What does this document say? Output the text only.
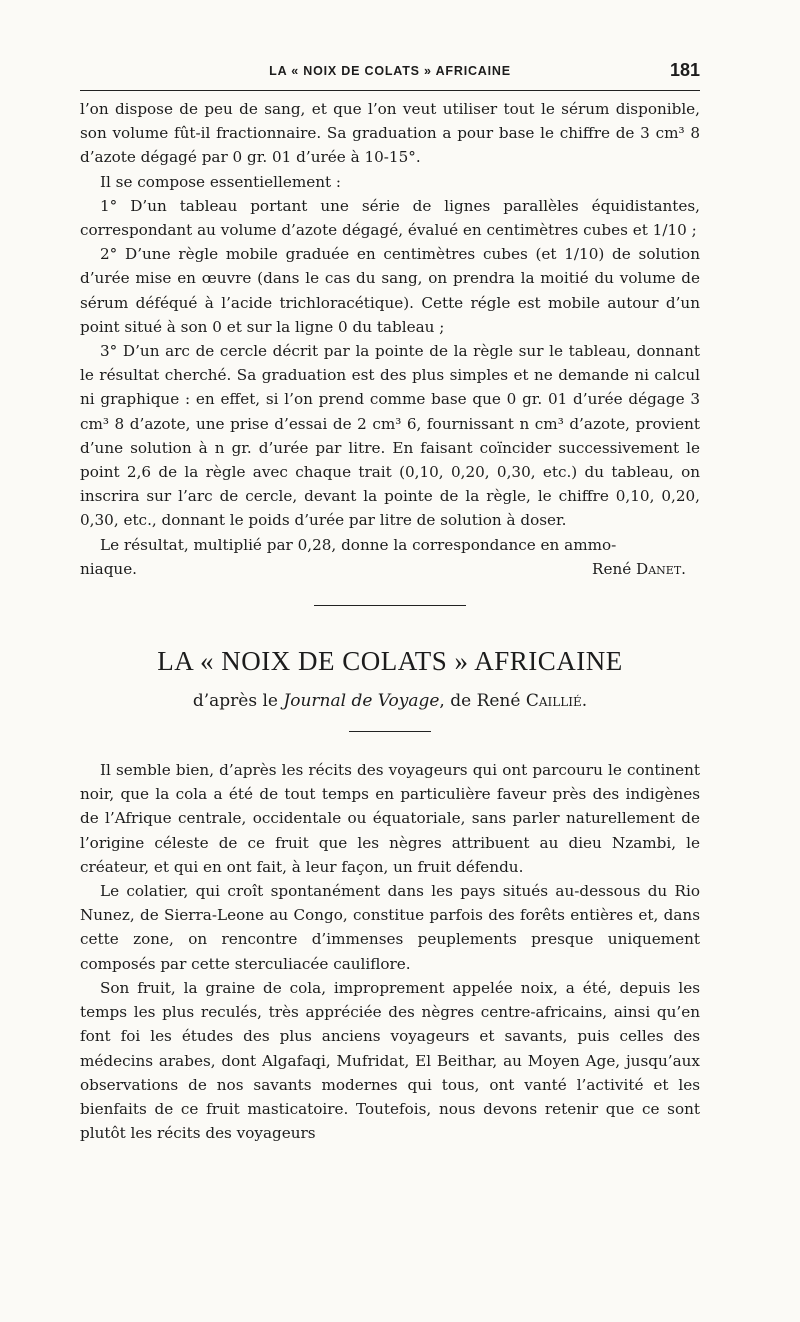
LA « NOIX DE COLATS » AFRICAINE	181

l’on dispose de peu de sang, et que l’on veut utiliser tout le sérum disponible, son volume fût-il fractionnaire. Sa graduation a pour base le chiffre de 3 cm³ 8 d’azote dégagé par 0 gr. 01 d’urée à 10-15°.

Il se compose essentiellement :

1° D’un tableau portant une série de lignes parallèles équidistantes, correspondant au volume d’azote dégagé, évalué en centimètres cubes et 1/10 ;

2° D’une règle mobile graduée en centimètres cubes (et 1/10) de solution d’urée mise en œuvre (dans le cas du sang, on prendra la moitié du volume de sérum déféqué à l’acide trichloracétique). Cette régle est mobile autour d’un point situé à son 0 et sur la ligne 0 du tableau ;

3° D’un arc de cercle décrit par la pointe de la règle sur le tableau, donnant le résultat cherché. Sa graduation est des plus simples et ne demande ni calcul ni graphique : en effet, si l’on prend comme base que 0 gr. 01 d’urée dégage 3 cm³ 8 d’azote, une prise d’essai de 2 cm³ 6, fournissant n cm³ d’azote, provient d’une solution à n gr. d’urée par litre. En faisant coïncider successivement le point 2,6 de la règle avec chaque trait (0,10, 0,20, 0,30, etc.) du tableau, on inscrira sur l’arc de cercle, devant la pointe de la règle, le chiffre 0,10, 0,20, 0,30, etc., donnant le poids d’urée par litre de solution à doser.

Le résultat, multiplié par 0,28, donne la correspondance en ammo-

niaque.	René Danet.
LA « NOIX DE COLATS » AFRICAINE
d’après le Journal de Voyage, de René Caillié.

Il semble bien, d’après les récits des voyageurs qui ont parcouru le continent noir, que la cola a été de tout temps en particulière faveur près des indigènes de l’Afrique centrale, occidentale ou équatoriale, sans parler naturellement de l’origine céleste de ce fruit que les nègres attribuent au dieu Nzambi, le créateur, et qui en ont fait, à leur façon, un fruit défendu.

Le colatier, qui croît spontanément dans les pays situés au-dessous du Rio Nunez, de Sierra-Leone au Congo, constitue parfois des forêts entières et, dans cette zone, on rencontre d’immenses peuplements presque uniquement composés par cette sterculiacée cauliflore.

Son fruit, la graine de cola, improprement appelée noix, a été, depuis les temps les plus reculés, très appréciée des nègres centre-africains, ainsi qu’en font foi les études des plus anciens voyageurs et savants, puis celles des médecins arabes, dont Algafaqi, Mufridat, El Beithar, au Moyen Age, jusqu’aux observations de nos savants modernes qui tous, ont vanté l’activité et les bienfaits de ce fruit masticatoire. Toutefois, nous devons retenir que ce sont plutôt les récits des voyageurs
